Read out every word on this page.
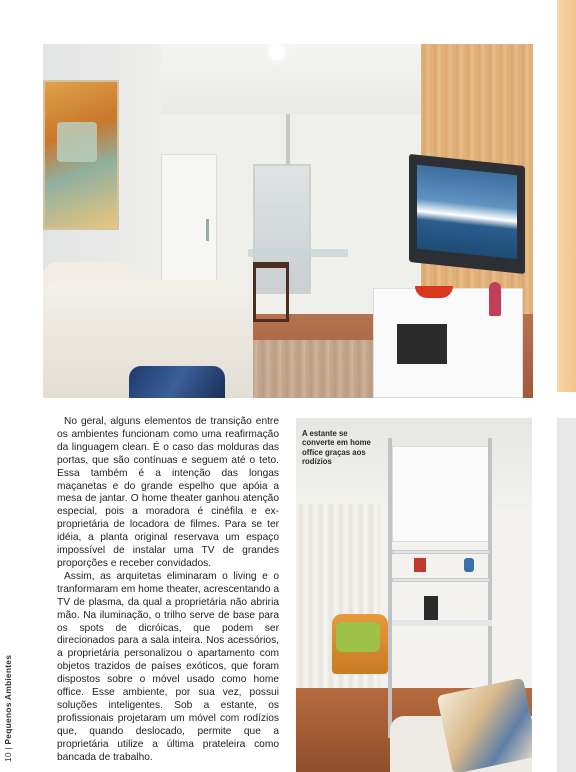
No geral, alguns elementos de transição entre os ambientes funcionam como uma reafirmação da linguagem clean. É o caso das molduras das portas, que são contínuas e seguem até o teto. Essa também é a intenção das longas maçanetas e do grande espelho que apóia a mesa de jantar. O home theater ganhou atenção especial, pois a moradora é cinéfila e ex-proprietária de locadora de filmes. Para se ter idéia, a planta original reservava um espaço impossível de instalar uma TV de grandes proporções e receber convidados.

Assim, as arquitetas eliminaram o living e o tranformaram em home theater, acrescentando a TV de plasma, da qual a proprietária não abriria mão. Na iluminação, o trilho serve de base para os spots de dicróicas, que podem ser direcionados para a sala inteira. Nos acessórios, a proprietária personalizou o apartamento com objetos trazidos de países exóticos, que foram dispostos sobre o móvel usado como home office. Esse ambiente, por sua vez, possui soluções inteligentes. Sob a estante, os profissionais projetaram um móvel com rodízios que, quando deslocado, permite que a proprietária utilize a última prateleira como bancada de trabalho.

A estante se converte em home office graças aos rodízios
10 | Pequenos Ambientes
